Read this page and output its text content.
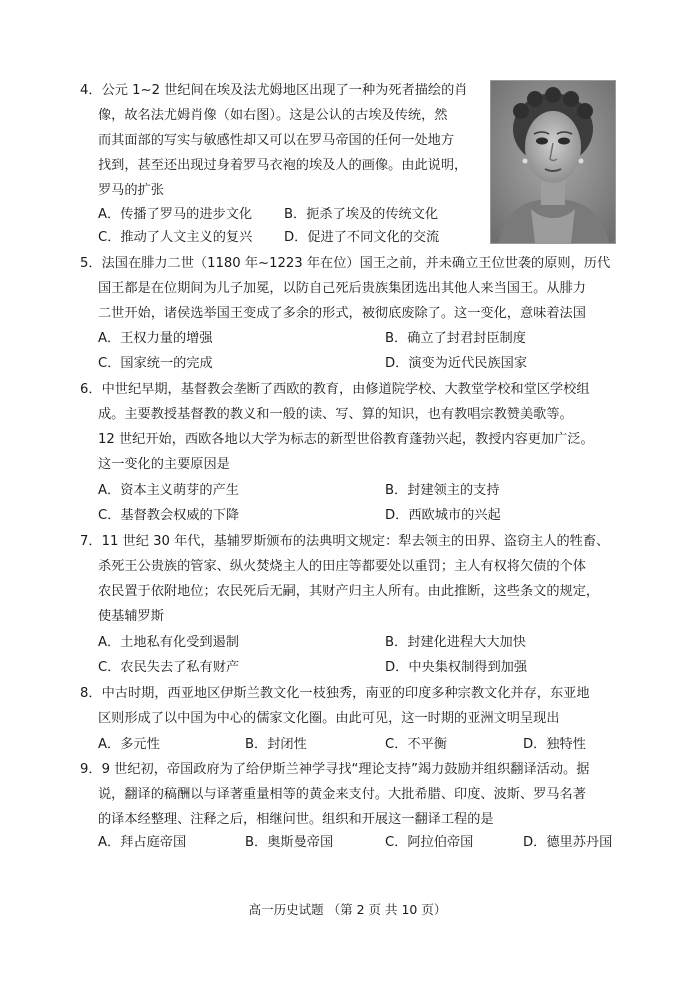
4．公元 1~2 世纪间在埃及法尤姆地区出现了一种为死者描绘的肖
像，故名法尤姆肖像（如右图）。这是公认的古埃及传统，然
而其面部的写实与敏感性却又可以在罗马帝国的任何一处地方
找到，甚至还出现过身着罗马衣袍的埃及人的画像。由此说明，
罗马的扩张
A．传播了罗马的进步文化 B．扼杀了埃及的传统文化
C．推动了人文主义的复兴 D．促进了不同文化的交流
5．法国在腓力二世（1180 年~1223 年在位）国王之前，并未确立王位世袭的原则，历代
国王都是在位期间为儿子加冕，以防自己死后贵族集团选出其他人来当国王。从腓力
二世开始，诸侯选举国王变成了多余的形式，被彻底废除了。这一变化，意味着法国
A．王权力量的增强	B．确立了封君封臣制度
C．国家统一的完成	D．演变为近代民族国家
6．中世纪早期，基督教会垄断了西欧的教育，由修道院学校、大教堂学校和堂区学校组
成。主要教授基督教的教义和一般的读、写、算的知识，也有教唱宗教赞美歌等。
12 世纪开始，西欧各地以大学为标志的新型世俗教育蓬勃兴起，教授内容更加广泛。
这一变化的主要原因是
A．资本主义萌芽的产生	B．封建领主的支持
C．基督教会权威的下降	D．西欧城市的兴起
7．11 世纪 30 年代，基辅罗斯颁布的法典明文规定：犁去领主的田界、盗窃主人的牲畜、
杀死王公贵族的管家、纵火焚烧主人的田庄等都要处以重罚；主人有权将欠债的个体
农民置于依附地位；农民死后无嗣，其财产归主人所有。由此推断，这些条文的规定，
使基辅罗斯
A．土地私有化受到遏制	B．封建化进程大大加快
C．农民失去了私有财产	D．中央集权制得到加强
8．中古时期，西亚地区伊斯兰教文化一枝独秀，南亚的印度多种宗教文化并存，东亚地
区则形成了以中国为中心的儒家文化圈。由此可见，这一时期的亚洲文明呈现出
A．多元性	B．封闭性	C．不平衡	D．独特性
9．9 世纪初，帝国政府为了给伊斯兰神学寻找“理论支持”竭力鼓励并组织翻译活动。据
说，翻译的稿酬以与译著重量相等的黄金来支付。大批希腊、印度、波斯、罗马名著
的译本经整理、注释之后，相继问世。组织和开展这一翻译工程的是
A．拜占庭帝国	B．奥斯曼帝国	C．阿拉伯帝国	D．德里苏丹国
高一历史试题 （第 2 页 共 10 页）
